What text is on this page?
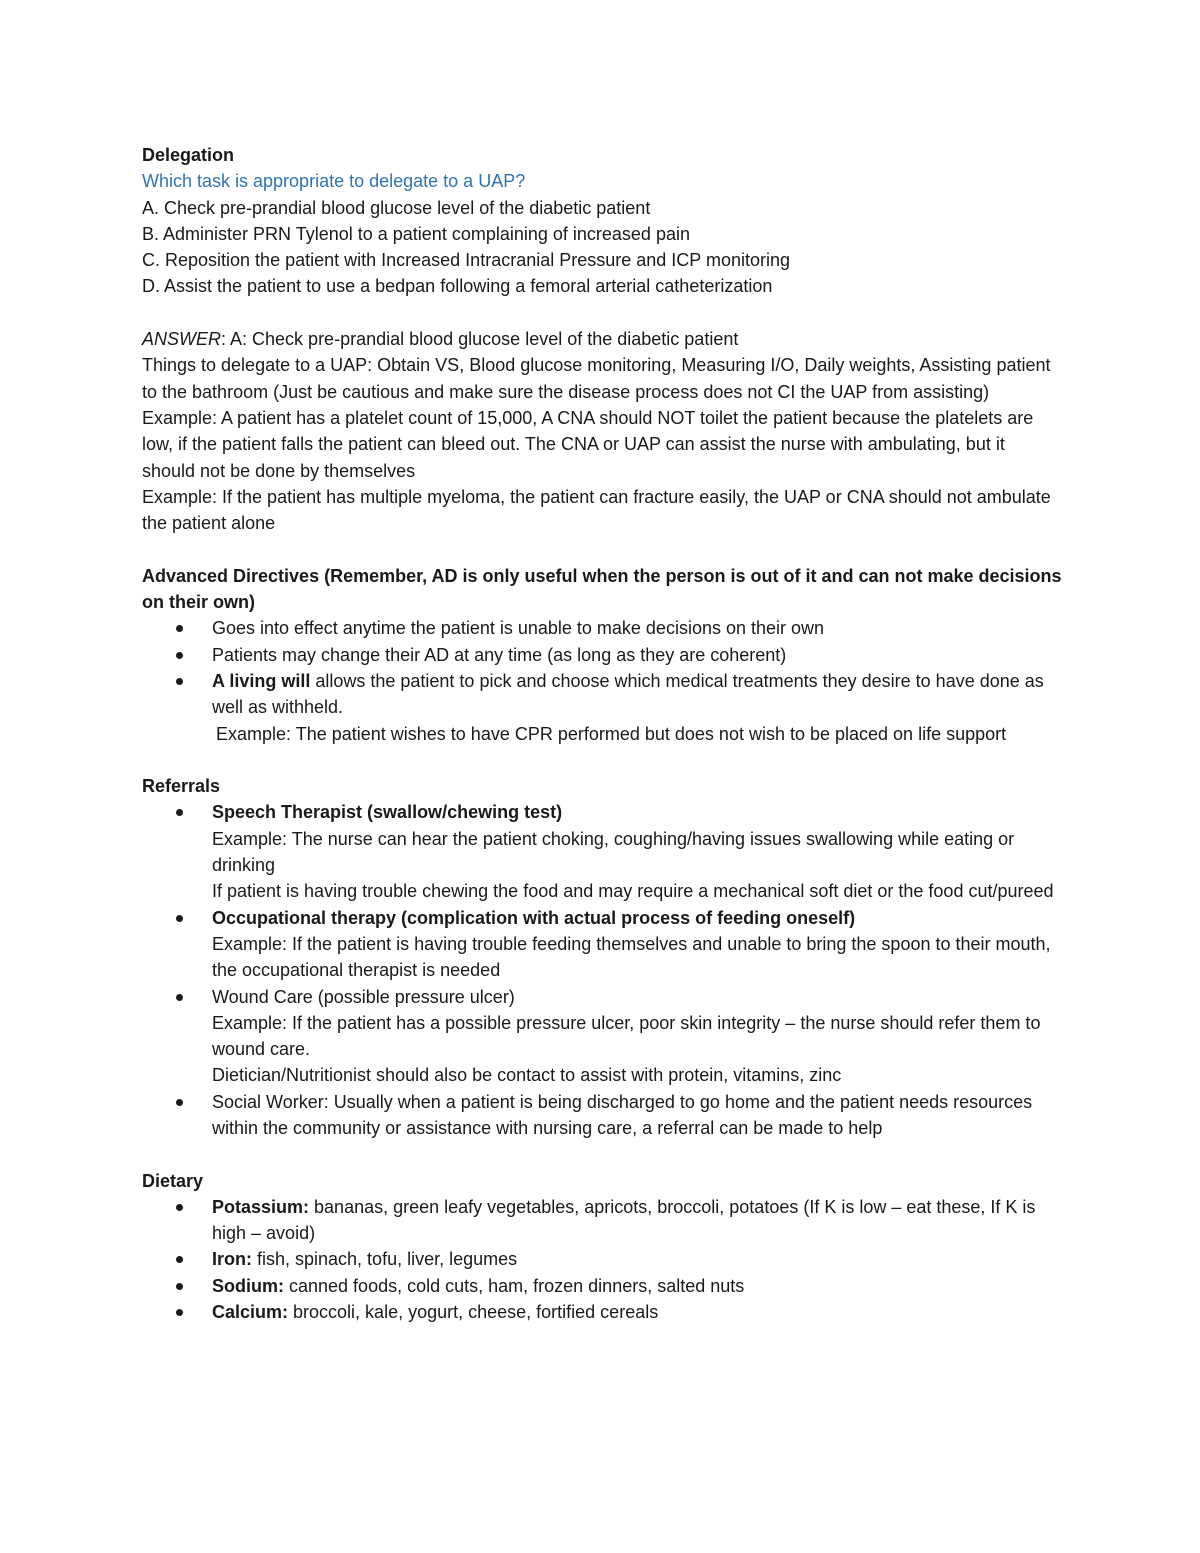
Delegation

Which task is appropriate to delegate to a UAP?

A. Check pre-prandial blood glucose level of the diabetic patient

B. Administer PRN Tylenol to a patient complaining of increased pain

C. Reposition the patient with Increased Intracranial Pressure and ICP monitoring

D. Assist the patient to use a bedpan following a femoral arterial catheterization

ANSWER: A: Check pre-prandial blood glucose level of the diabetic patient

Things to delegate to a UAP: Obtain VS, Blood glucose monitoring, Measuring I/O, Daily weights, Assisting patient to the bathroom (Just be cautious and make sure the disease process does not CI the UAP from assisting)

Example: A patient has a platelet count of 15,000, A CNA should NOT toilet the patient because the platelets are low, if the patient falls the patient can bleed out. The CNA or UAP can assist the nurse with ambulating, but it should not be done by themselves

Example: If the patient has multiple myeloma, the patient can fracture easily, the UAP or CNA should not ambulate the patient alone

Advanced Directives (Remember, AD is only useful when the person is out of it and can not make decisions on their own)

Goes into effect anytime the patient is unable to make decisions on their own
Patients may change their AD at any time (as long as they are coherent)
A living will allows the patient to pick and choose which medical treatments they desire to have done as well as withheld.
Example: The patient wishes to have CPR performed but does not wish to be placed on life support

Referrals

Speech Therapist (swallow/chewing test)
Example: The nurse can hear the patient choking, coughing/having issues swallowing while eating or drinking
If patient is having trouble chewing the food and may require a mechanical soft diet or the food cut/pureed
Occupational therapy (complication with actual process of feeding oneself)
Example: If the patient is having trouble feeding themselves and unable to bring the spoon to their mouth, the occupational therapist is needed
Wound Care (possible pressure ulcer)
Example: If the patient has a possible pressure ulcer, poor skin integrity – the nurse should refer them to wound care.
Dietician/Nutritionist should also be contact to assist with protein, vitamins, zinc
Social Worker: Usually when a patient is being discharged to go home and the patient needs resources within the community or assistance with nursing care, a referral can be made to help

Dietary

Potassium: bananas, green leafy vegetables, apricots, broccoli, potatoes (If K is low – eat these, If K is high – avoid)
Iron: fish, spinach, tofu, liver, legumes
Sodium: canned foods, cold cuts, ham, frozen dinners, salted nuts
Calcium: broccoli, kale, yogurt, cheese, fortified cereals
